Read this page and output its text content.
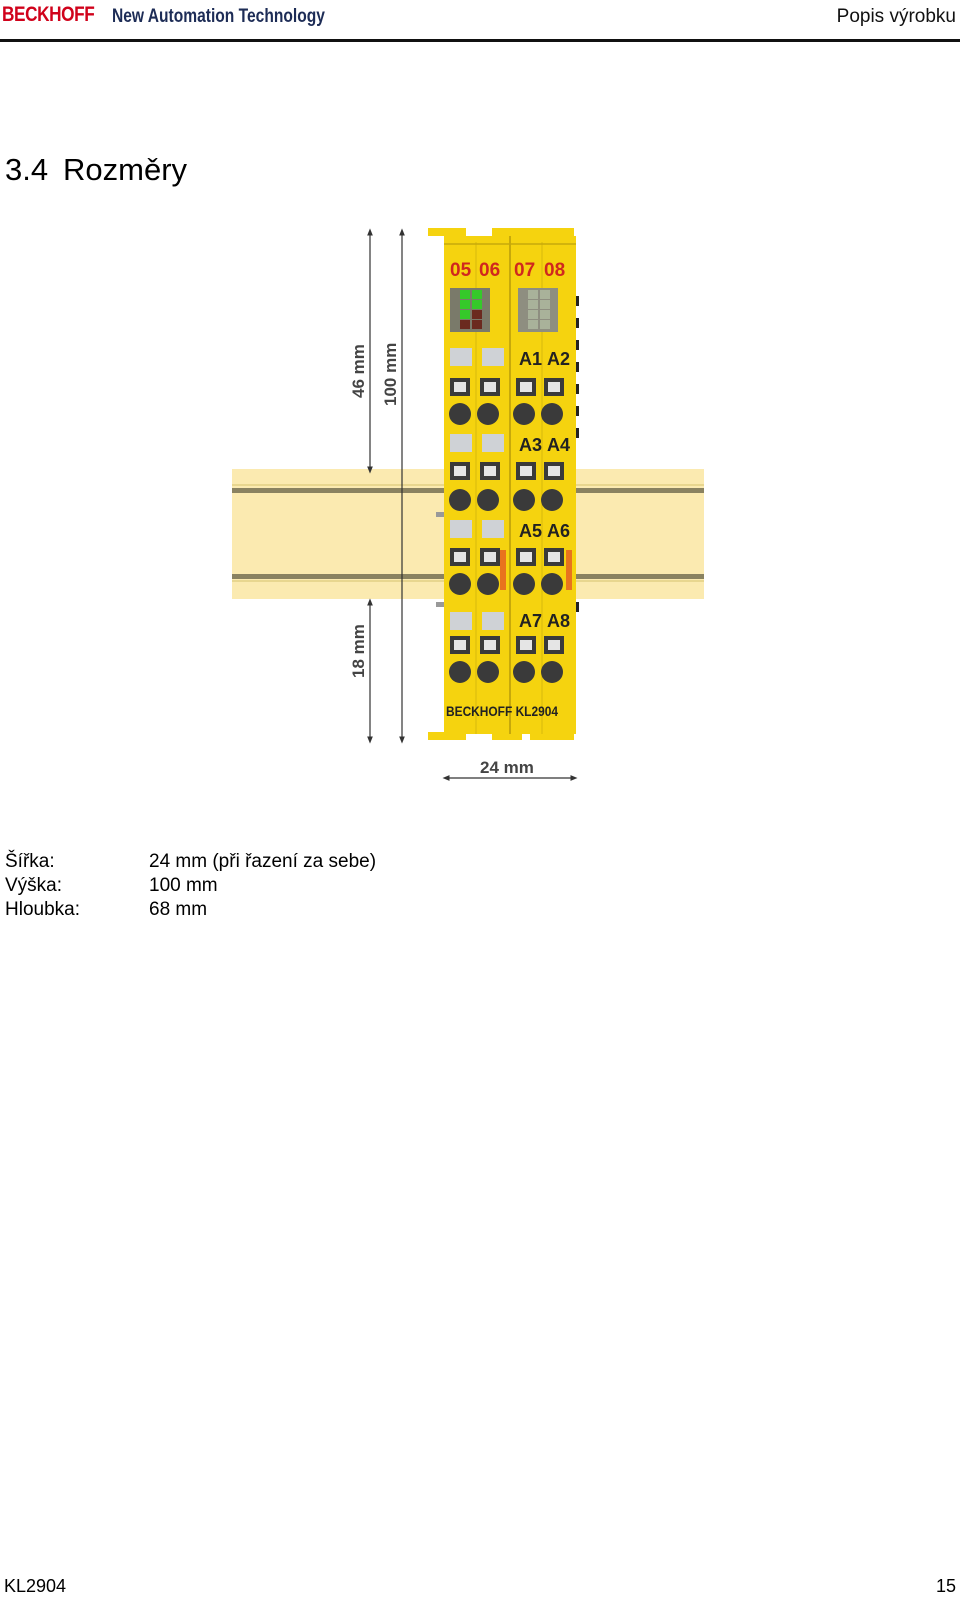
BECKHOFF New Automation Technology	Popis výrobku
3.4 Rozměry
46 mm 100 mm
18 mm
24 mm
05 06 07 08
A1 A2
A3 A4
A5 A6
A7 A8
BECKHOFF KL2904
Šířka:	24 mm (při řazení za sebe)
Výška:	100 mm
Hloubka:	68 mm
KL2904	15
